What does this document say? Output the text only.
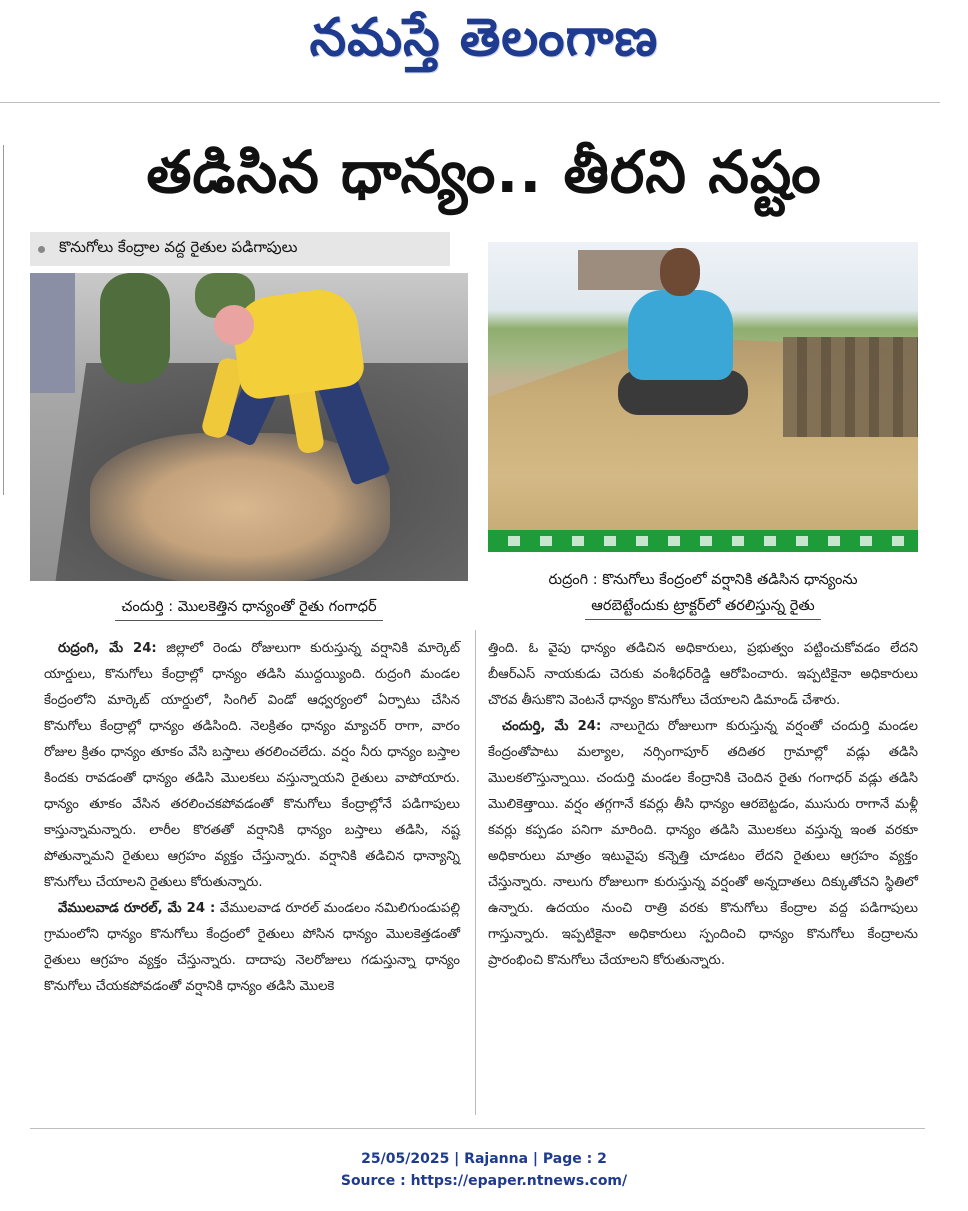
నమస్తే తెలంగాణ
తడిసిన ధాన్యం.. తీరని నష్టం
కొనుగోలు కేంద్రాల వద్ద రైతుల పడిగాపులు
రుద్రంగి : కొనుగోలు కేంద్రంలో వర్షానికి తడిసిన ధాన్యంను
ఆరబెట్టేందుకు ట్రాక్టర్‌లో తరలిస్తున్న రైతు
చందుర్తి : మొలకెత్తిన ధాన్యంతో రైతు గంగాధర్

రుద్రంగి, మే 24: జిల్లాలో రెండు రోజులుగా కురుస్తున్న వర్షానికి మార్కెట్ యార్డులు, కొనుగోలు కేంద్రాల్లో ధాన్యం తడిసి ముద్దయ్యింది. రుద్రంగి మండల కేంద్రంలోని మార్కెట్ యార్డులో, సింగిల్ విండో ఆధ్వర్యంలో ఏర్పాటు చేసిన కొనుగోలు కేంద్రాల్లో ధాన్యం తడిసింది. నెలక్రితం ధాన్యం మ్యాచర్ రాగా, వారం రోజుల క్రితం ధాన్యం తూకం వేసి బస్తాలు తరలించలేదు. వర్షం నీరు ధాన్యం బస్తాల కిందకు రావడంతో ధాన్యం తడిసి మొలకలు వస్తున్నాయని రైతులు వాపోయారు. ధాన్యం తూకం వేసిన తరలించకపోవడంతో కొనుగోలు కేంద్రాల్లోనే పడిగాపులు కాస్తున్నామన్నారు. లారీల కొరతతో వర్షానికి ధాన్యం బస్తాలు తడిసి, నష్ట పోతున్నామని రైతులు ఆగ్రహం వ్యక్తం చేస్తున్నారు. వర్షానికి తడిచిన ధాన్యాన్ని కొనుగోలు చేయాలని రైతులు కోరుతున్నారు.

వేములవాడ రూరల్, మే 24 : వేములవాడ రూరల్ మండలం నమిలిగుండుపల్లి గ్రామంలోని ధాన్యం కొనుగోలు కేంద్రంలో రైతులు పోసిన ధాన్యం మొలకెత్తడంతో రైతులు ఆగ్రహం వ్యక్తం చేస్తున్నారు. దాదాపు నెలరోజులు గడుస్తున్నా ధాన్యం కొనుగోలు చేయకపోవడంతో వర్షానికి ధాన్యం తడిసి మొలకె

త్తింది. ఓ వైపు ధాన్యం తడిచిన అధికారులు, ప్రభుత్వం పట్టించుకోవడం లేదని బీఆర్ఎస్ నాయకుడు చెరుకు వంశీధర్‌రెడ్డి ఆరోపించారు. ఇప్పటికైనా అధికారులు చొరవ తీసుకొని వెంటనే ధాన్యం కొనుగోలు చేయాలని డిమాండ్ చేశారు.

చందుర్తి, మే 24: నాలుగైదు రోజులుగా కురుస్తున్న వర్షంతో చందుర్తి మండల కేంద్రంతోపాటు మల్యాల, నర్సింగాపూర్ తదితర గ్రామాల్లో వడ్లు తడిసి మొలకలొస్తున్నాయి. చందుర్తి మండల కేంద్రానికి చెందిన రైతు గంగాధర్ వడ్లు తడిసి మొలికెత్తాయి. వర్షం తగ్గగానే కవర్లు తీసి ధాన్యం ఆరబెట్టడం, ముసురు రాగానే మళ్లీ కవర్లు కప్పడం పనిగా మారింది. ధాన్యం తడిసి మొలకలు వస్తున్న ఇంత వరకూ అధికారులు మాత్రం ఇటువైపు కన్నెత్తి చూడటం లేదని రైతులు ఆగ్రహం వ్యక్తం చేస్తున్నారు. నాలుగు రోజులుగా కురుస్తున్న వర్షంతో అన్నదాతలు దిక్కుతోచని స్థితిలో ఉన్నారు. ఉదయం నుంచి రాత్రి వరకు కొనుగోలు కేంద్రాల వద్ద పడిగాపులు గాస్తున్నారు. ఇప్పటికైనా అధికారులు స్పందించి ధాన్యం కొనుగోలు కేంద్రాలను ప్రారంభించి కొనుగోలు చేయాలని కోరుతున్నారు.

25/05/2025 | Rajanna | Page : 2
Source : https://epaper.ntnews.com/
